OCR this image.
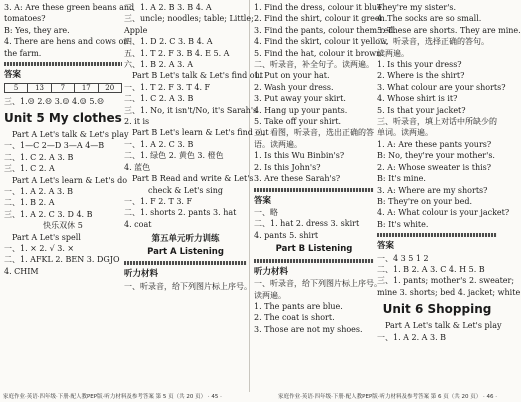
3. A: Are these green beans and
tomatoes?
B: Yes, they are.
4. There are hens and cows on
the farm.
答案
5	13	7	17	20
三、1.☹ 2.☹ 3.☺ 4.☺ 5.☹
Unit 5 My clothes
Part A Let's talk & Let's play
一、1—C 2—D 3—A 4—B
二、1. C 2. A 3. B
三、1. C 2. A
Part A Let's learn & Let's do
一、1. A 2. A 3. B
二、1. B 2. A
三、1. A 2. C 3. D 4. B
快乐双休 5
Part A Let's spell
一、1. × 2. √ 3. ×
二、1. AFKL 2. BEN 3. DGJO
4. CHIM
二、1. A 2. B 3. B 4. A
三、uncle; noodles; table; Little;
Apple
四、1. D 2. C 3. B 4. A
五、1. T 2. F 3. B 4. E 5. A
六、1. B 2. A 3. A
Part B Let's talk & Let's find out
一、1. T 2. F 3. T 4. F
二、1. C 2. A 3. B
三、1. No, it isn't/No, it's Sarah's
2. it is
Part B Let's learn & Let's find out
一、1. A 2. C 3. B
二、1. 绿色 2. 黄色 3. 橙色
4. 蓝色
Part B Read and write & Let's
check & Let's sing
一、1. F 2. T 3. F
二、1. shorts 2. pants 3. hat
4. coat
第五单元听力训练
Part A Listening
听力材料
一、听录音，给下列图片标上序号。
1. Find the dress, colour it blue.
2. Find the shirt, colour it green.
3. Find the pants, colour them red.
4. Find the skirt, colour it yellow.
5. Find the hat, colour it brown.
二、听录音，补全句子。读两遍。
1. Put on your hat.
2. Wash your dress.
3. Put away your skirt.
4. Hang up your pants.
5. Take off your shirt.
三、看图，听录音，选出正确的答
语。读两遍。
1. Is this Wu Binbin's?
2. Is this John's?
3. Are these Sarah's?
答案
一、略
二、1. hat 2. dress 3. skirt
4. pants 5. shirt
Part B Listening
听力材料
一、听录音，给下列图片标上序号。
读两遍。
1. The pants are blue.
2. The coat is short.
3. Those are not my shoes.
They're my sister's.
4. The socks are so small.
5. These are shorts. They are mine.
二、听录音，选择正确的答句。
读两遍。
1. Is this your dress?
2. Where is the shirt?
3. What colour are your shorts?
4. Whose shirt is it?
5. Is that your jacket?
三、听录音，填上对话中所缺少的
单词。读两遍。
1. A: Are these pants yours?
B: No, they're your mother's.
2. A: Whose sweater is this?
B: It's mine.
3. A: Where are my shorts?
B: They're on your bed.
4. A: What colour is your jacket?
B: It's white.
答案
一、4 3 5 1 2
二、1. B 2. A 3. C 4. H 5. B
三、1. pants; mother's 2. sweater;
mine 3. shorts; bed 4. jacket; white
Unit 6 Shopping
Part A Let's talk & Let's play
一、1. A 2. A 3. B
家庭作业·英语·四年级·下册·配人教PEP版·听力材料及参考答案 第 5 页（共 20 页） · 45 ·	家庭作业·英语·四年级·下册·配人教PEP版·听力材料及参考答案 第 6 页（共 20 页） · 46 ·
